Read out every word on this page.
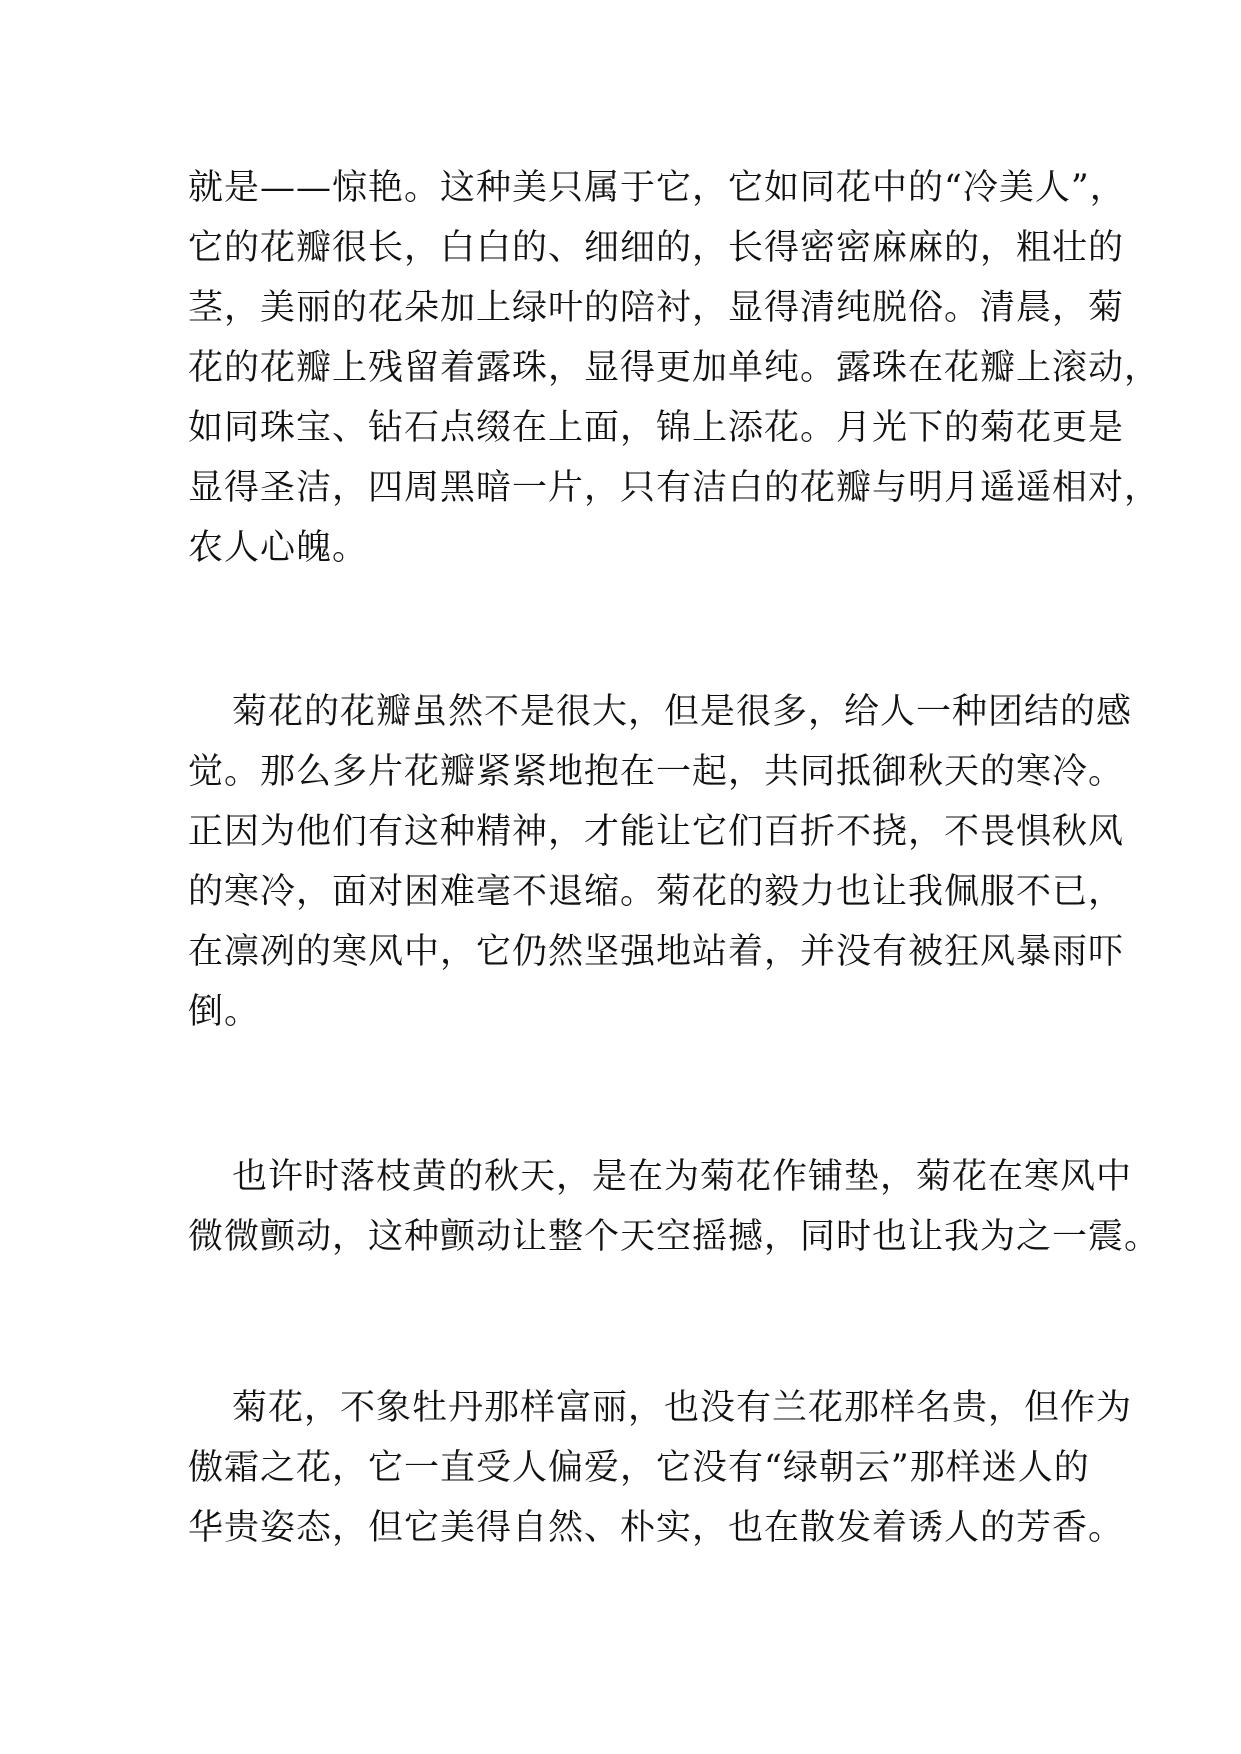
就是——惊艳。这种美只属于它，它如同花中的“冷美人”，
它的花瓣很长，白白的、细细的，长得密密麻麻的，粗壮的
茎，美丽的花朵加上绿叶的陪衬，显得清纯脱俗。清晨，菊
花的花瓣上残留着露珠，显得更加单纯。露珠在花瓣上滚动，
如同珠宝、钻石点缀在上面，锦上添花。月光下的菊花更是
显得圣洁，四周黑暗一片，只有洁白的花瓣与明月遥遥相对，
农人心魄。
菊花的花瓣虽然不是很大，但是很多，给人一种团结的感
觉。那么多片花瓣紧紧地抱在一起，共同抵御秋天的寒冷。
正因为他们有这种精神，才能让它们百折不挠，不畏惧秋风
的寒冷，面对困难毫不退缩。菊花的毅力也让我佩服不已，
在凛冽的寒风中，它仍然坚强地站着，并没有被狂风暴雨吓
倒。
也许时落枝黄的秋天，是在为菊花作铺垫，菊花在寒风中
微微颤动，这种颤动让整个天空摇撼，同时也让我为之一震。
菊花，不象牡丹那样富丽，也没有兰花那样名贵，但作为
傲霜之花，它一直受人偏爱，它没有“绿朝云”那样迷人的
华贵姿态，但它美得自然、朴实，也在散发着诱人的芳香。
